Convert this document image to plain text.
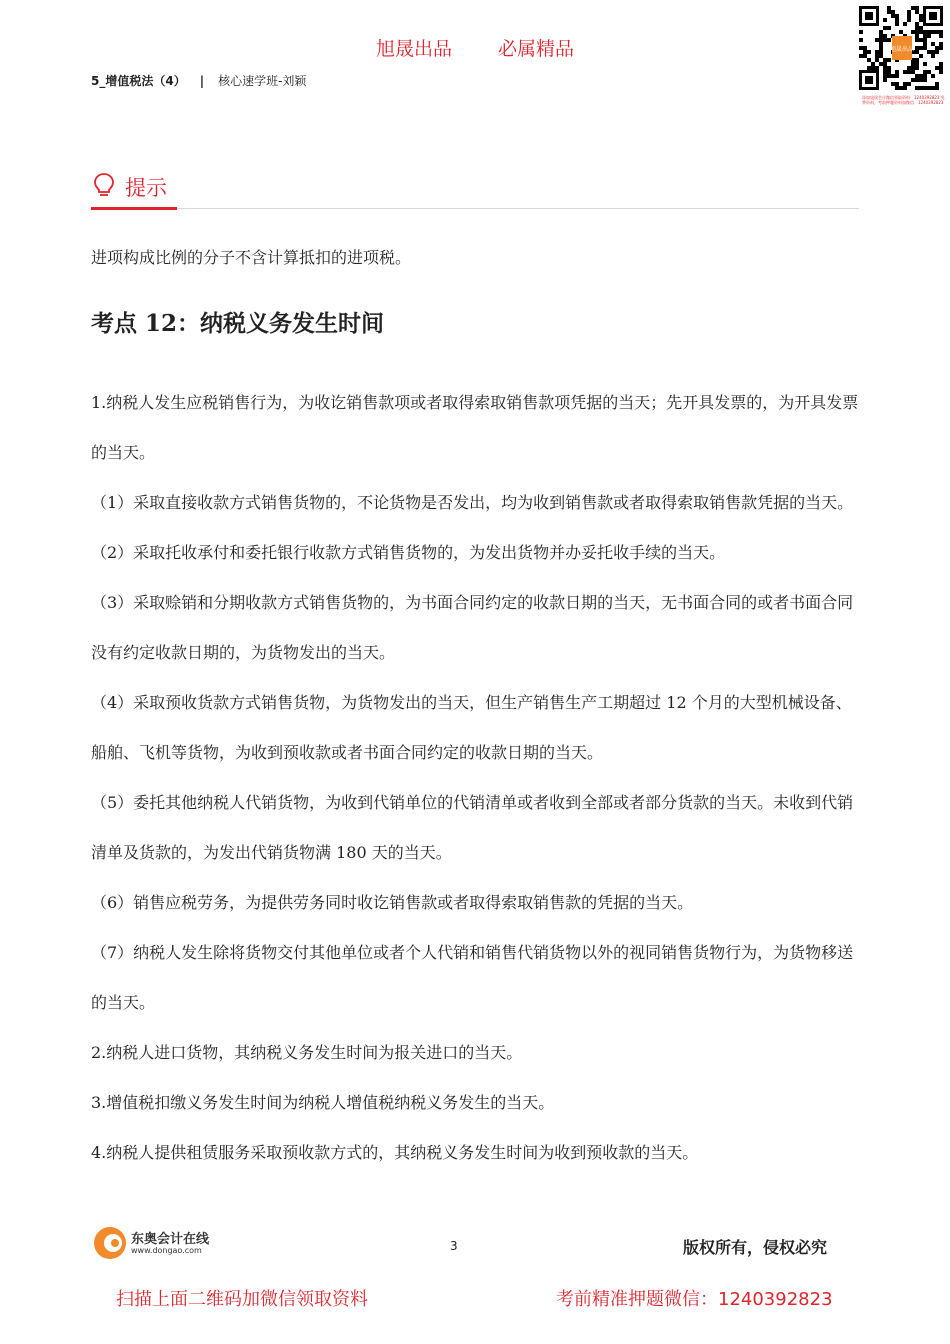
旭晟出品 必属精品
5_增值税法（4） | 核心速学班-刘颖
旭晟出品
添加旭晟会计微信领取资料：1240392823 免费资料，考前押题资料加微信：1240392823
提示
进项构成比例的分子不含计算抵扣的进项税。
考点 12：纳税义务发生时间

1.纳税人发生应税销售行为，为收讫销售款项或者取得索取销售款项凭据的当天；先开具发票的，为开具发票的当天。

（1）采取直接收款方式销售货物的，不论货物是否发出，均为收到销售款或者取得索取销售款凭据的当天。

（2）采取托收承付和委托银行收款方式销售货物的，为发出货物并办妥托收手续的当天。

（3）采取赊销和分期收款方式销售货物的，为书面合同约定的收款日期的当天，无书面合同的或者书面合同没有约定收款日期的，为货物发出的当天。

（4）采取预收货款方式销售货物，为货物发出的当天，但生产销售生产工期超过 12 个月的大型机械设备、船舶、飞机等货物，为收到预收款或者书面合同约定的收款日期的当天。

（5）委托其他纳税人代销货物，为收到代销单位的代销清单或者收到全部或者部分货款的当天。未收到代销清单及货款的，为发出代销货物满 180 天的当天。

（6）销售应税劳务，为提供劳务同时收讫销售款或者取得索取销售款的凭据的当天。

（7）纳税人发生除将货物交付其他单位或者个人代销和销售代销货物以外的视同销售货物行为，为货物移送的当天。

2.纳税人进口货物，其纳税义务发生时间为报关进口的当天。

3.增值税扣缴义务发生时间为纳税人增值税纳税义务发生的当天。

4.纳税人提供租赁服务采取预收款方式的，其纳税义务发生时间为收到预收款的当天。

东奥会计在线
www.dongao.com	3	版权所有，侵权必究
扫描上面二维码加微信领取资料	考前精准押题微信：1240392823
